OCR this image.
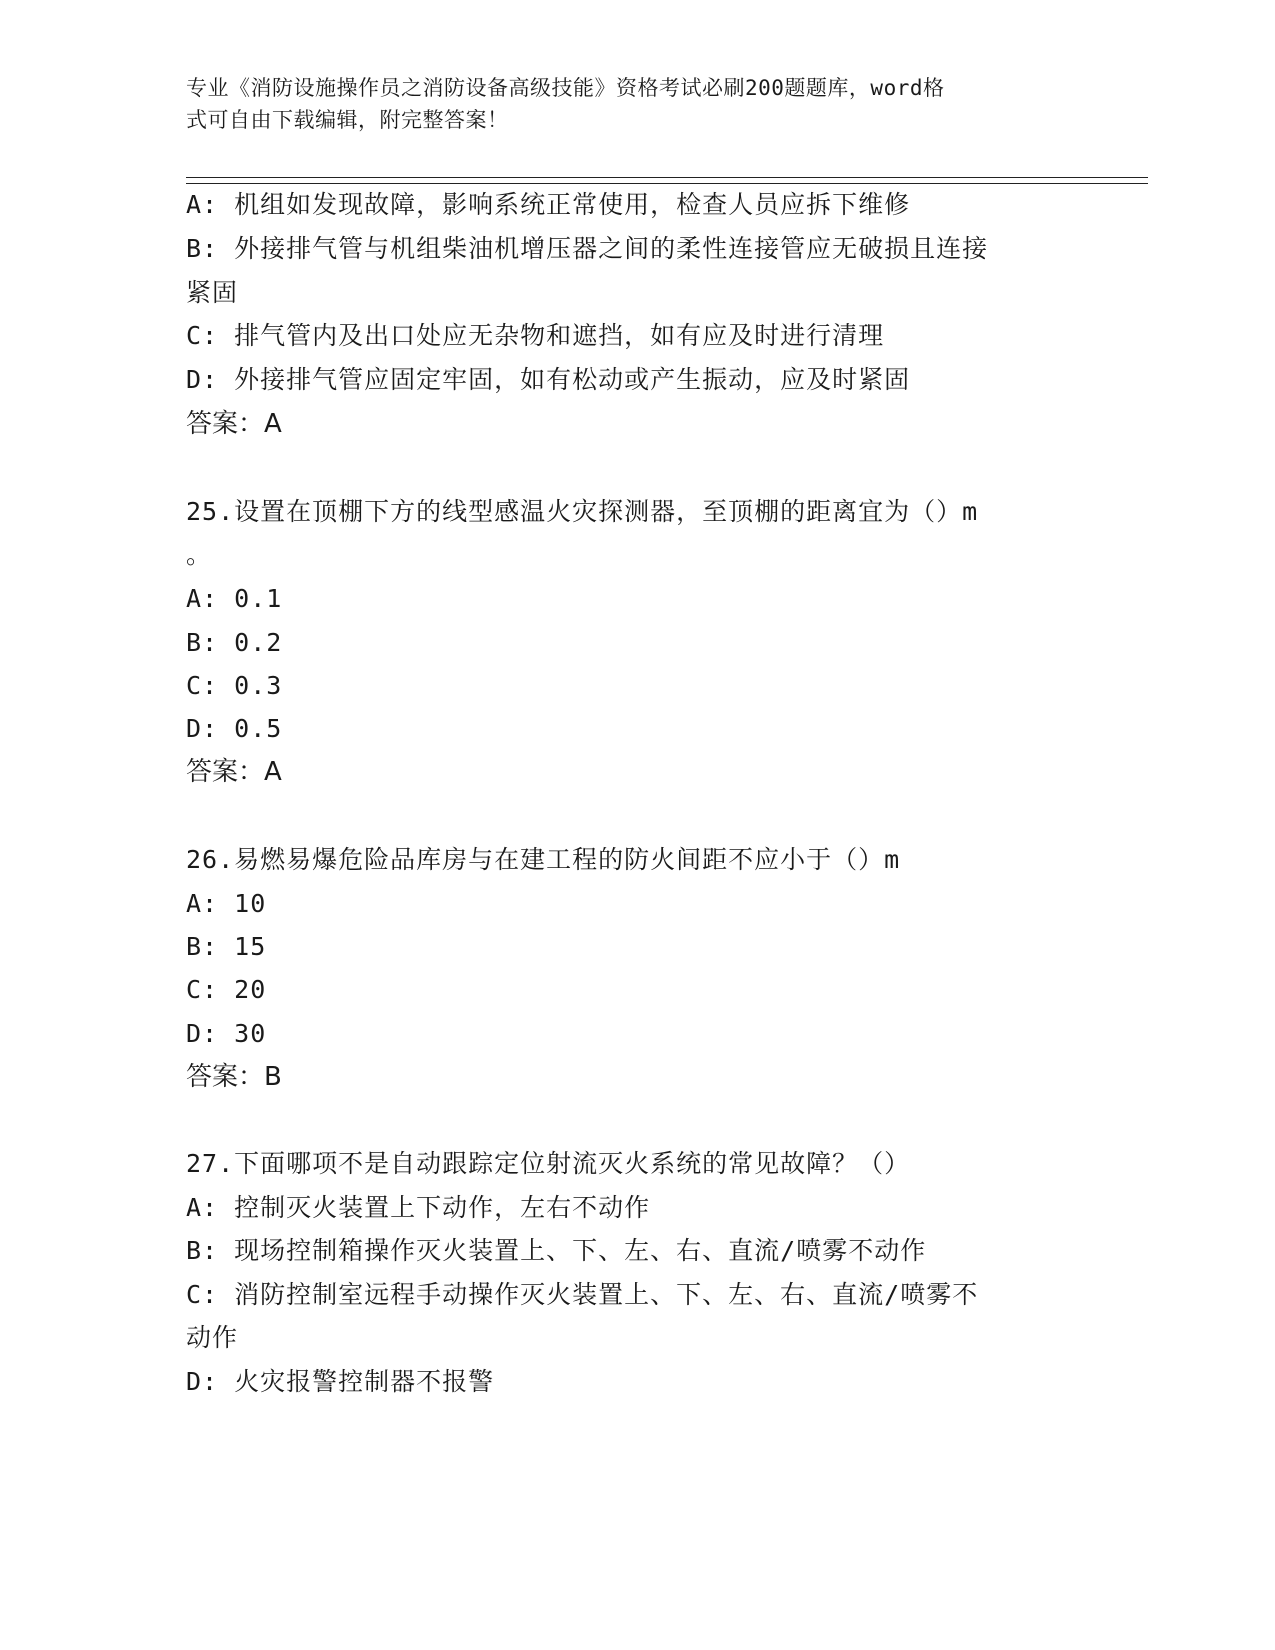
专业《消防设施操作员之消防设备高级技能》资格考试必刷200题题库，word格
式可自由下载编辑，附完整答案！
A: 机组如发现故障，影响系统正常使用，检查人员应拆下维修
B: 外接排气管与机组柴油机增压器之间的柔性连接管应无破损且连接
紧固
C: 排气管内及出口处应无杂物和遮挡，如有应及时进行清理
D: 外接排气管应固定牢固，如有松动或产生振动，应及时紧固
答案：A
25.设置在顶棚下方的线型感温火灾探测器，至顶棚的距离宜为（）m
。
A: 0.1
B: 0.2
C: 0.3
D: 0.5
答案：A
26.易燃易爆危险品库房与在建工程的防火间距不应小于（）m
A: 10
B: 15
C: 20
D: 30
答案：B
27.下面哪项不是自动跟踪定位射流灭火系统的常见故障？（）
A: 控制灭火装置上下动作，左右不动作
B: 现场控制箱操作灭火装置上、下、左、右、直流/喷雾不动作
C: 消防控制室远程手动操作灭火装置上、下、左、右、直流/喷雾不
动作
D: 火灾报警控制器不报警
